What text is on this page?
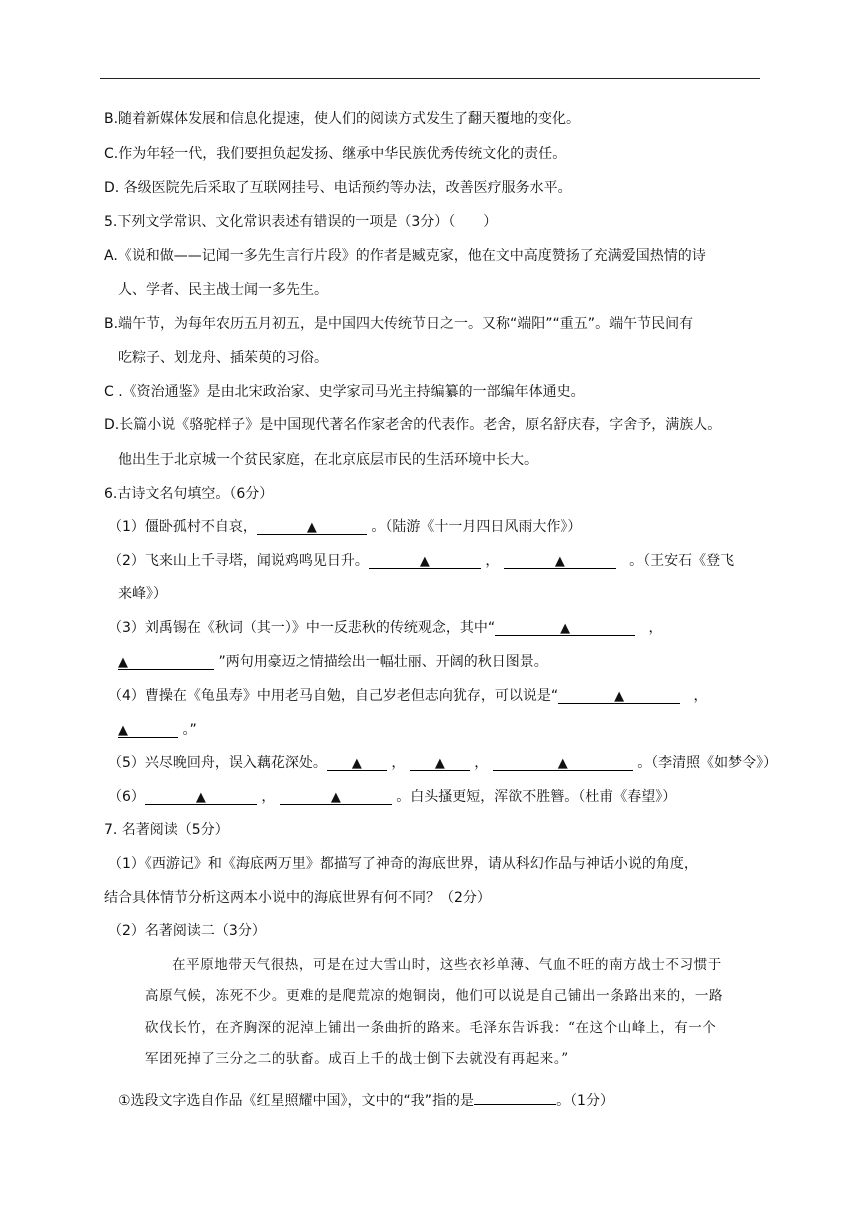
B.随着新媒体发展和信息化提速，使人们的阅读方式发生了翻天覆地的变化。
C.作为年轻一代，我们要担负起发扬、继承中华民族优秀传统文化的责任。
D. 各级医院先后采取了互联网挂号、电话预约等办法，改善医疗服务水平。
5.下列文学常识、文化常识表述有错误的一项是（3分）（　　）
A.《说和做——记闻一多先生言行片段》的作者是臧克家，他在文中高度赞扬了充满爱国热情的诗
人、学者、民主战士闻一多先生。
B.端午节，为每年农历五月初五，是中国四大传统节日之一。又称“端阳”“重五”。端午节民间有
吃粽子、划龙舟、插茱萸的习俗。
C .《资治通鉴》是由北宋政治家、史学家司马光主持编纂的一部编年体通史。
D.长篇小说《骆驼样子》是中国现代著名作家老舍的代表作。老舍，原名舒庆春，字舍予，满族人。
他出生于北京城一个贫民家庭，在北京底层市民的生活环境中长大。
6.古诗文名句填空。（6分）
（1）僵卧孤村不自哀，	▲	。（陆游《十一月四日风雨大作》）
（2）飞来山上千寻塔，闻说鸡鸣见日升。	▲	，	▲	。（王安石《登飞
来峰》）
（3）刘禹锡在《秋词（其一）》中一反悲秋的传统观念，其中“	▲	，
▲	”两句用豪迈之情描绘出一幅壮丽、开阔的秋日图景。
（4）曹操在《龟虽寿》中用老马自勉，自己岁老但志向犹存，可以说是“	▲	，
▲	。”
（5）兴尽晚回舟，误入藕花深处。 ▲ ， ▲ ，	▲	。（李清照《如梦令》）
（6）	▲	，	▲	。白头搔更短，浑欲不胜簪。（杜甫《春望》）
7. 名著阅读（5分）
（1）《西游记》和《海底两万里》都描写了神奇的海底世界，请从科幻作品与神话小说的角度，
结合具体情节分析这两本小说中的海底世界有何不同？（2分）
（2）名著阅读二（3分）
在平原地带天气很热，可是在过大雪山时，这些衣衫单薄、气血不旺的南方战士不习惯于
高原气候，冻死不少。更难的是爬荒凉的炮铜岗，他们可以说是自己铺出一条路出来的，一路
砍伐长竹，在齐胸深的泥淖上铺出一条曲折的路来。毛泽东告诉我：“在这个山峰上，有一个
军团死掉了三分之二的驮畜。成百上千的战士倒下去就没有再起来。”
①选段文字选自作品《红星照耀中国》，文中的“我”指的是	。（1分）
